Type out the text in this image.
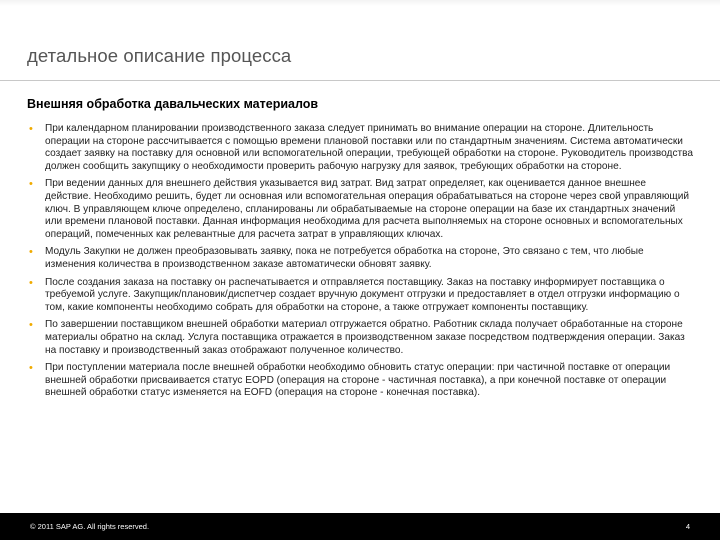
детальное описание процесса
Внешняя обработка давальческих материалов
• При календарном планировании производственного заказа следует принимать во внимание операции на стороне. Длительность операции на стороне рассчитывается с помощью времени плановой поставки или по стандартным значениям. Система автоматически создает заявку на поставку для основной или вспомогательной операции, требующей обработки на стороне. Руководитель производства должен сообщить закупщику о необходимости проверить рабочую нагрузку для заявок, требующих обработки на стороне.
• При ведении данных для внешнего действия указывается вид затрат. Вид затрат определяет, как оценивается данное внешнее действие. Необходимо решить, будет ли основная или вспомогательная операция обрабатываться на стороне через свой управляющий ключ. В управляющем ключе определено, спланированы ли обрабатываемые на стороне операции на базе их стандартных значений или времени плановой поставки. Данная информация необходима для расчета выполняемых на стороне основных и вспомогательных операций, помеченных как релевантные для расчета затрат в управляющих ключах.
• Модуль Закупки не должен преобразовывать заявку, пока не потребуется обработка на стороне, Это связано с тем, что любые изменения количества в производственном заказе автоматически обновят заявку.
• После создания заказа на поставку он распечатывается и отправляется поставщику. Заказ на поставку информирует поставщика о требуемой услуге. Закупщик/плановик/диспетчер создает вручную документ отгрузки и предоставляет в отдел отгрузки информацию о том, какие компоненты необходимо собрать для обработки на стороне, а также отгружает компоненты поставщику.
• По завершении поставщиком внешней обработки материал отгружается обратно. Работник склада получает обработанные на стороне материалы обратно на склад. Услуга поставщика отражается в производственном заказе посредством подтверждения операции. Заказ на поставку и производственный заказ отображают полученное количество.
• При поступлении материала после внешней обработки необходимо обновить статус операции: при частичной поставке от операции внешней обработки присваивается статус EOPD (операция на стороне - частичная поставка), а при конечной поставке от операции внешней обработки статус изменяется на EOFD (операция на стороне - конечная поставка).
© 2011 SAP AG. All rights reserved.	4
